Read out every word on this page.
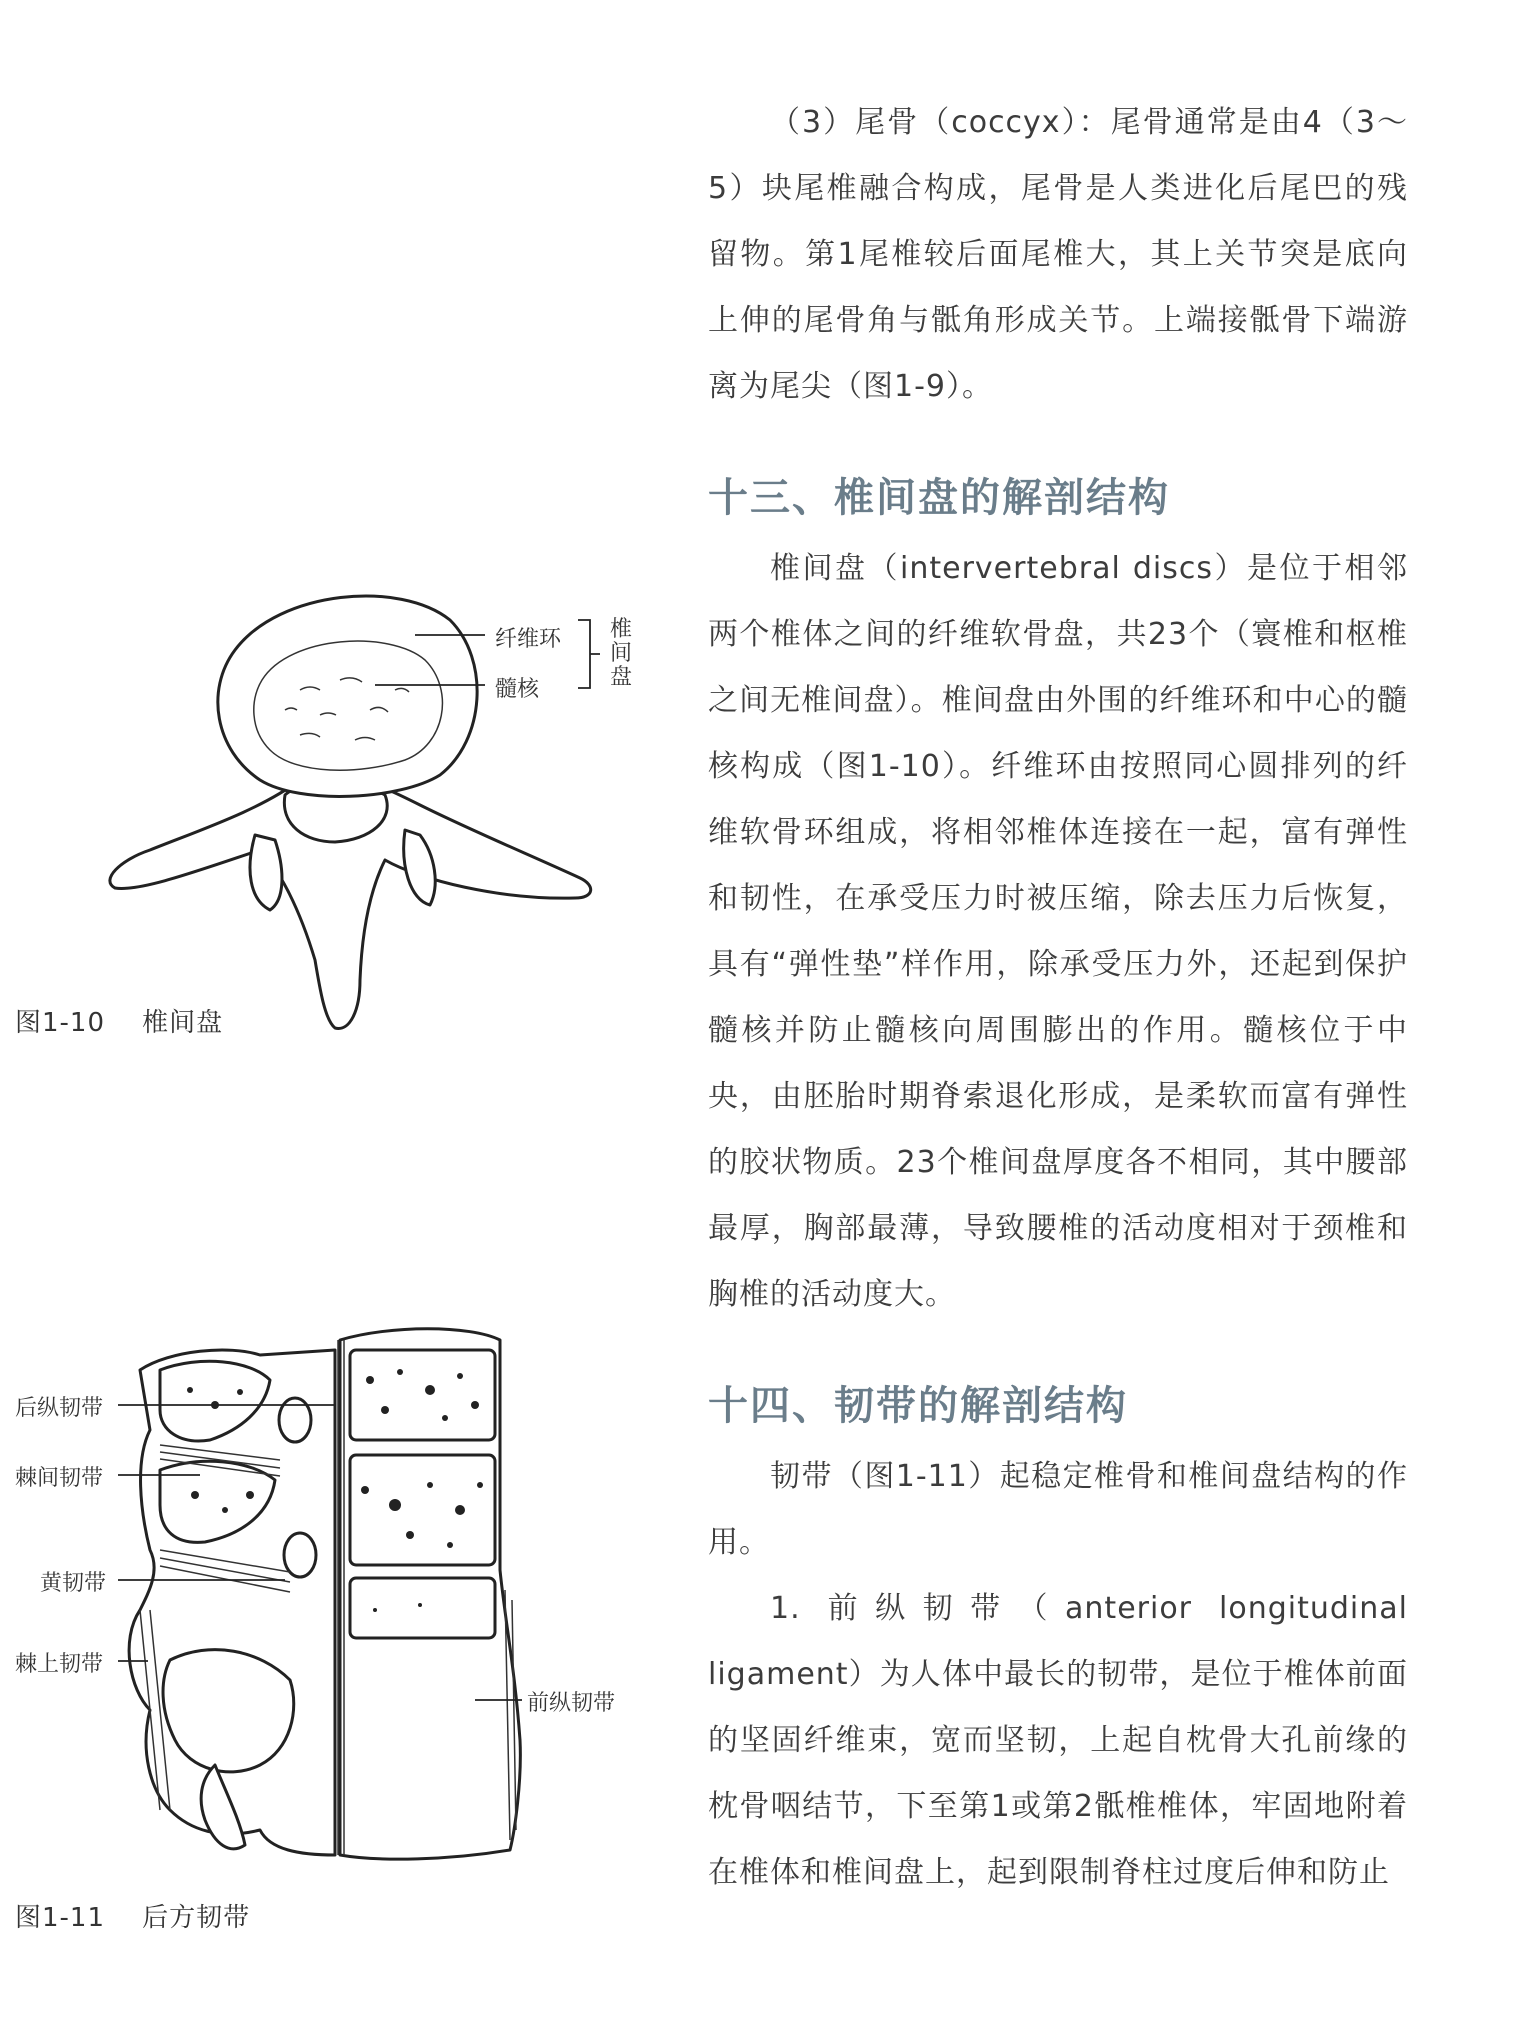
（3）尾骨（coccyx）：尾骨通常是由4（3～5）块尾椎融合构成，尾骨是人类进化后尾巴的残留物。第1尾椎较后面尾椎大，其上关节突是底向上伸的尾骨角与骶角形成关节。上端接骶骨下端游离为尾尖（图1-9）。

十三、椎间盘的解剖结构

椎间盘（intervertebral discs）是位于相邻两个椎体之间的纤维软骨盘，共23个（寰椎和枢椎之间无椎间盘）。椎间盘由外围的纤维环和中心的髓核构成（图1-10）。纤维环由按照同心圆排列的纤维软骨环组成，将相邻椎体连接在一起，富有弹性和韧性，在承受压力时被压缩，除去压力后恢复，具有“弹性垫”样作用，除承受压力外，还起到保护髓核并防止髓核向周围膨出的作用。髓核位于中央，由胚胎时期脊索退化形成，是柔软而富有弹性的胶状物质。23个椎间盘厚度各不相同，其中腰部最厚，胸部最薄，导致腰椎的活动度相对于颈椎和胸椎的活动度大。

十四、韧带的解剖结构

韧带（图1-11）起稳定椎骨和椎间盘结构的作用。

1. 前纵韧带（anterior longitudinal ligament）为人体中最长的韧带，是位于椎体前面的坚固纤维束，宽而坚韧，上起自枕骨大孔前缘的枕骨咽结节，下至第1或第2骶椎椎体，牢固地附着在椎体和椎间盘上，起到限制脊柱过度后伸和防止

纤维环
髓核
椎间盘
图1-10    椎间盘
后纵韧带
棘间韧带
黄韧带
棘上韧带
前纵韧带
图1-11    后方韧带
